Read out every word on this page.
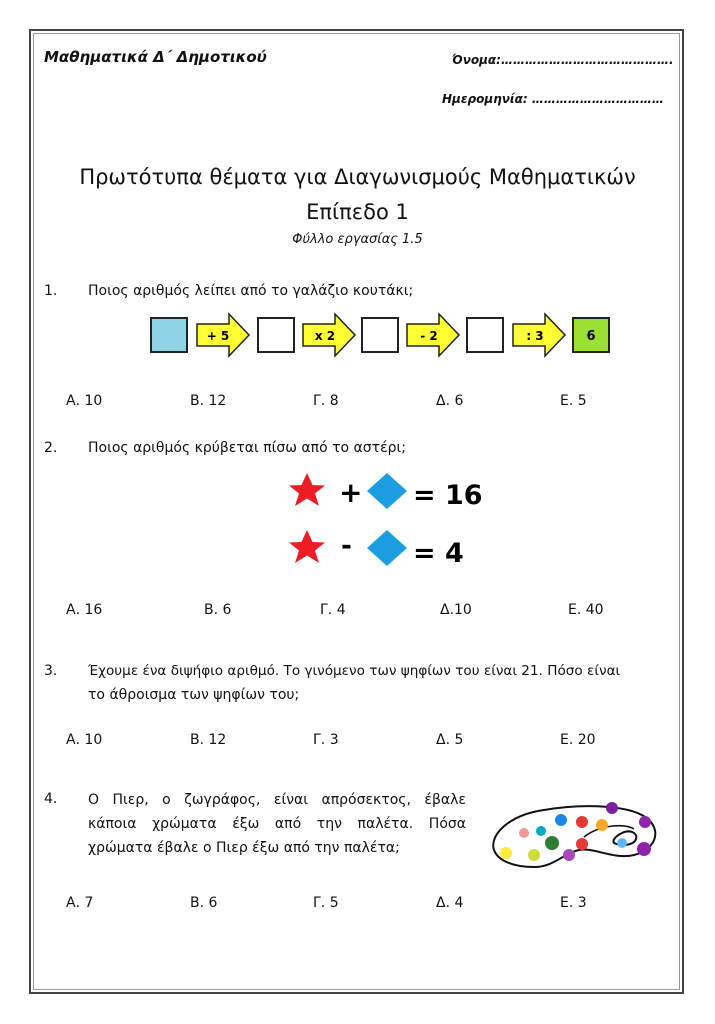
Μαθηματικά Δ΄ Δημοτικού	Όνομα:…………………………………….
Ημερομηνία: ……………………………
Πρωτότυπα θέματα για Διαγωνισμούς Μαθηματικών
Επίπεδο 1
Φύλλο εργασίας 1.5
1. Ποιος αριθμός λείπει από το γαλάζιο κουτάκι;
+ 5	x 2	- 2	: 3	6
Α. 10	Β. 12	Γ. 8	Δ. 6	Ε. 5
2. Ποιος αριθμός κρύβεται πίσω από το αστέρι;
+ = 16
- = 4
Α. 16	Β. 6	Γ. 4	Δ.10	Ε. 40
3. Έχουμε ένα διψήφιο αριθμό. Το γινόμενο των ψηφίων του είναι 21. Πόσο είναι
το άθροισμα των ψηφίων του;
Α. 10	Β. 12	Γ. 3	Δ. 5	Ε. 20
4. Ο Πιερ, ο ζωγράφος, είναι απρόσεκτος, έβαλε
κάποια χρώματα έξω από την παλέτα. Πόσα
χρώματα έβαλε ο Πιερ έξω από την παλέτα;
Α. 7	Β. 6	Γ. 5	Δ. 4	Ε. 3
